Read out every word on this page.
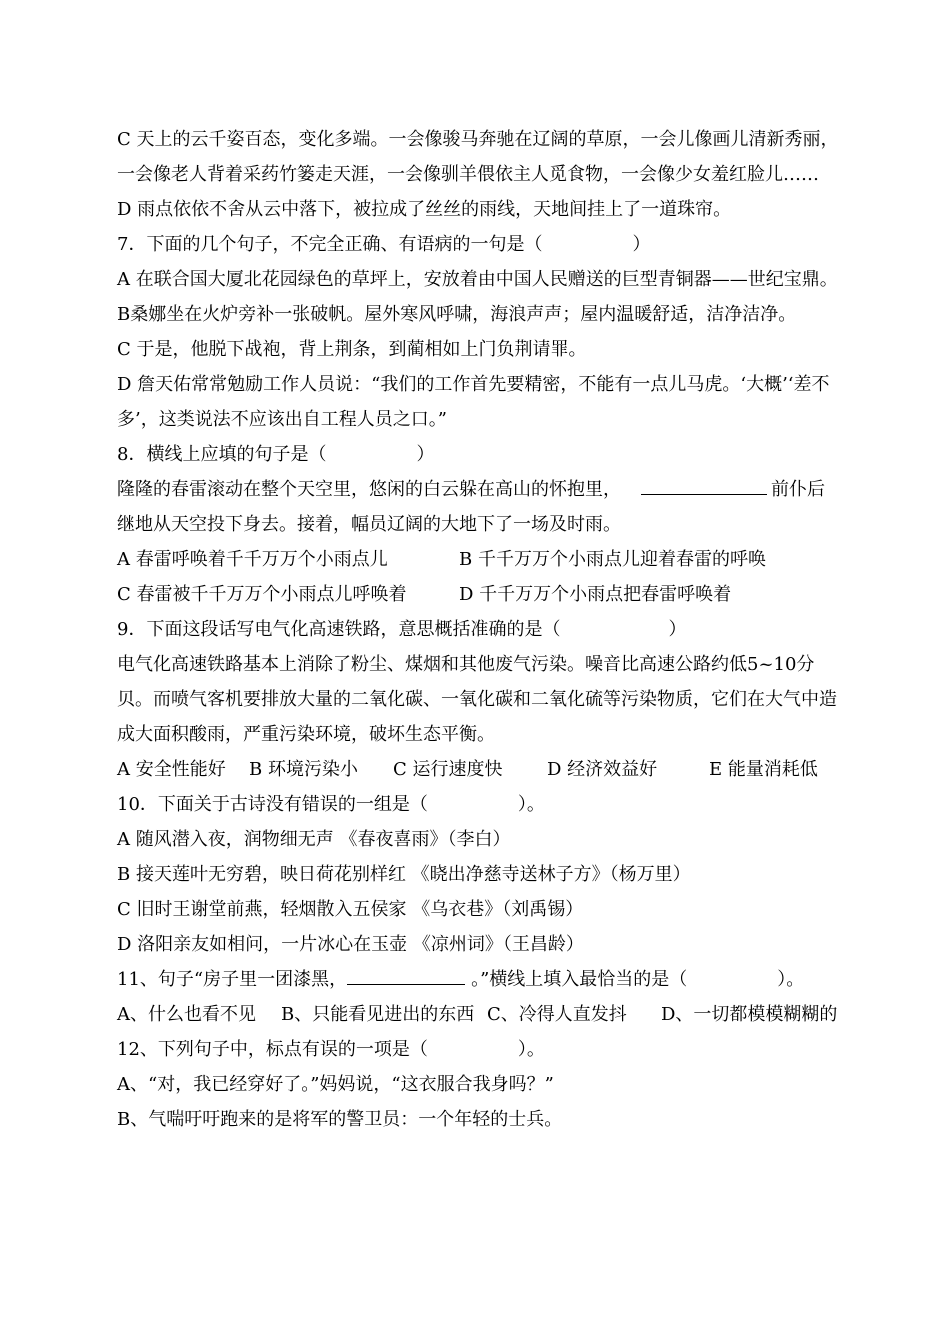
C 天上的云千姿百态，变化多端。一会像骏马奔驰在辽阔的草原，一会儿像画儿清新秀丽，一会像老人背着采药竹篓走天涯，一会像驯羊偎依主人觅食物，一会像少女羞红脸儿……
D 雨点依依不舍从云中落下，被拉成了丝丝的雨线，天地间挂上了一道珠帘。
7．下面的几个句子，不完全正确、有语病的一句是（　　　　　）
A 在联合国大厦北花园绿色的草坪上，安放着由中国人民赠送的巨型青铜器——世纪宝鼎。
B桑娜坐在火炉旁补一张破帆。屋外寒风呼啸，海浪声声；屋内温暖舒适，洁净洁净。
C 于是，他脱下战袍，背上荆条，到蔺相如上门负荆请罪。
D 詹天佑常常勉励工作人员说：“我们的工作首先要精密，不能有一点儿马虎。‘大概’‘差不多’，这类说法不应该出自工程人员之口。”
8．横线上应填的句子是（　　　　　）
隆隆的春雷滚动在整个天空里，悠闲的白云躲在高山的怀抱里，	前仆后
继地从天空投下身去。接着，幅员辽阔的大地下了一场及时雨。
A 春雷呼唤着千千万万个小雨点儿	B 千千万万个小雨点儿迎着春雷的呼唤
C 春雷被千千万万个小雨点儿呼唤着	D 千千万万个小雨点把春雷呼唤着
9．下面这段话写电气化高速铁路，意思概括准确的是（　　　　　　）
电气化高速铁路基本上消除了粉尘、煤烟和其他废气污染。噪音比高速公路约低5~10分贝。而喷气客机要排放大量的二氧化碳、一氧化碳和二氧化硫等污染物质，它们在大气中造成大面积酸雨，严重污染环境，破坏生态平衡。
A 安全性能好	B 环境污染小	C 运行速度快	D 经济效益好	E 能量消耗低
10．下面关于古诗没有错误的一组是（　　　　　）。
A 随风潜入夜，润物细无声 《春夜喜雨》（李白）
B 接天莲叶无穷碧，映日荷花别样红 《晓出净慈寺送林子方》（杨万里）
C 旧时王谢堂前燕，轻烟散入五侯家 《乌衣巷》（刘禹锡）
D 洛阳亲友如相问，一片冰心在玉壶 《凉州词》（王昌龄）
11、句子“房子里一团漆黑，	。”横线上填入最恰当的是（　　　　　）。
A、什么也看不见	B、只能看见进出的东西 C、冷得人直发抖	D、一切都模模糊糊的
12、下列句子中，标点有误的一项是（　　　　　）。
A、“对，我已经穿好了。”妈妈说，“这衣服合我身吗？”
B、气喘吁吁跑来的是将军的警卫员：一个年轻的士兵。
